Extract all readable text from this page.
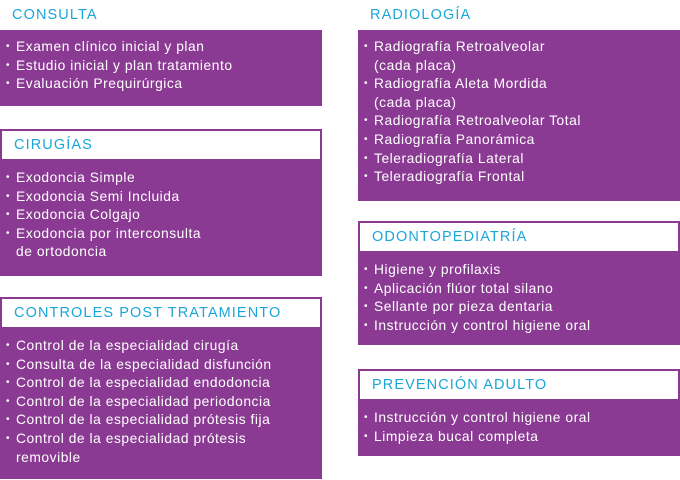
CONSULTA
• Examen clínico inicial y plan
• Estudio inicial y plan tratamiento
• Evaluación Prequirúrgica
CIRUGÍAS
• Exodoncia Simple
• Exodoncia Semi Incluida
• Exodoncia Colgajo
• Exodoncia por interconsulta
de ortodoncia
CONTROLES POST TRATAMIENTO
• Control de la especialidad cirugía
• Consulta de la especialidad disfunción
• Control de la especialidad endodoncia
• Control de la especialidad periodoncia
• Control de la especialidad prótesis fija
• Control de la especialidad prótesis
removible
RADIOLOGÍA
• Radiografía Retroalveolar
(cada placa)
• Radiografía Aleta Mordida
(cada placa)
• Radiografía Retroalveolar Total
• Radiografía Panorámica
• Teleradiografía Lateral
• Teleradiografía Frontal
ODONTOPEDIATRÍA
• Higiene y profilaxis
• Aplicación flúor total silano
• Sellante por pieza dentaria
• Instrucción y control higiene oral
PREVENCIÓN ADULTO
• Instrucción y control higiene oral
• Limpieza bucal completa
